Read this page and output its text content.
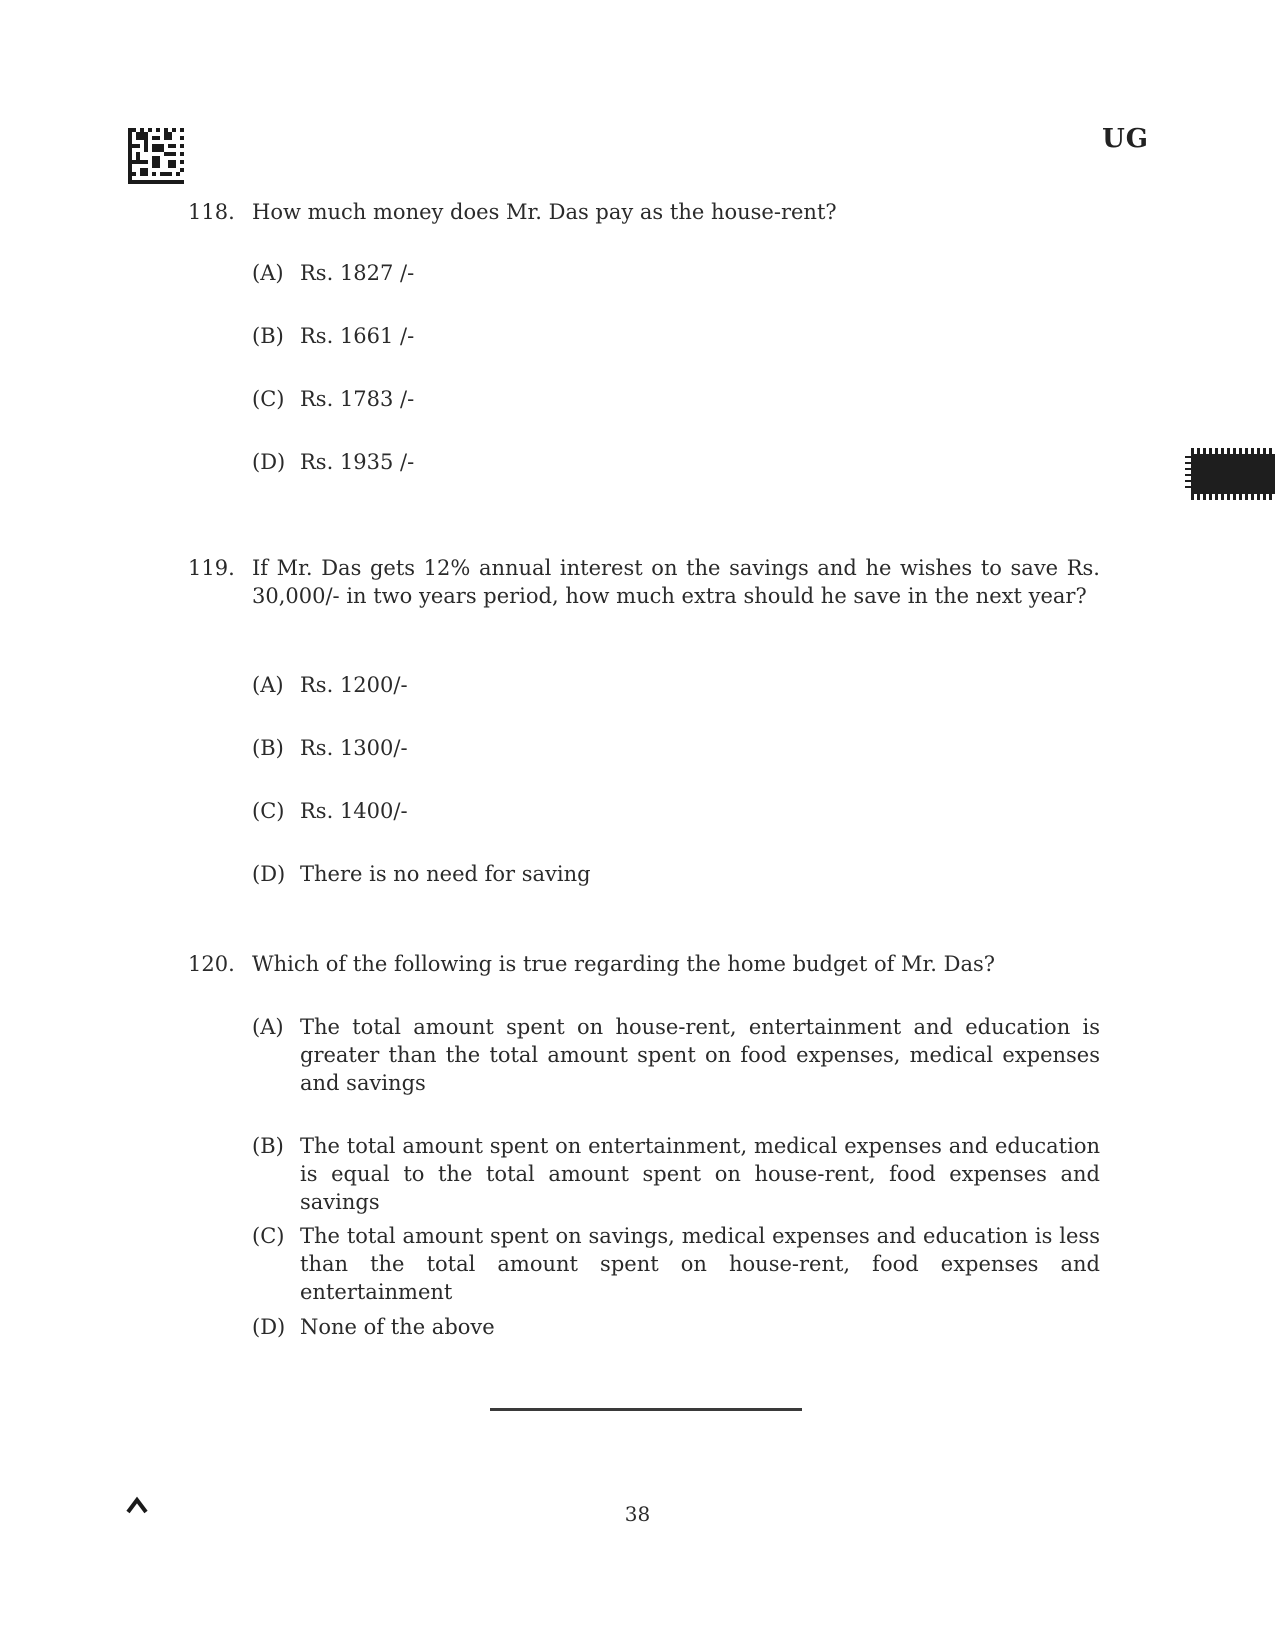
UG
118. How much money does Mr. Das pay as the house-rent?
(A) Rs. 1827 /-
(B) Rs. 1661 /-
(C) Rs. 1783 /-
(D) Rs. 1935 /-
119. If Mr. Das gets 12% annual interest on the savings and he wishes to save Rs. 30,000/- in two years period, how much extra should he save in the next year?
(A) Rs. 1200/-
(B) Rs. 1300/-
(C) Rs. 1400/-
(D) There is no need for saving
120. Which of the following is true regarding the home budget of Mr. Das?
(A) The total amount spent on house-rent, entertainment and education is greater than the total amount spent on food expenses, medical expenses and savings
(B) The total amount spent on entertainment, medical expenses and education is equal to the total amount spent on house-rent, food expenses and savings
(C) The total amount spent on savings, medical expenses and education is less than the total amount spent on house-rent, food expenses and entertainment
(D) None of the above
38
